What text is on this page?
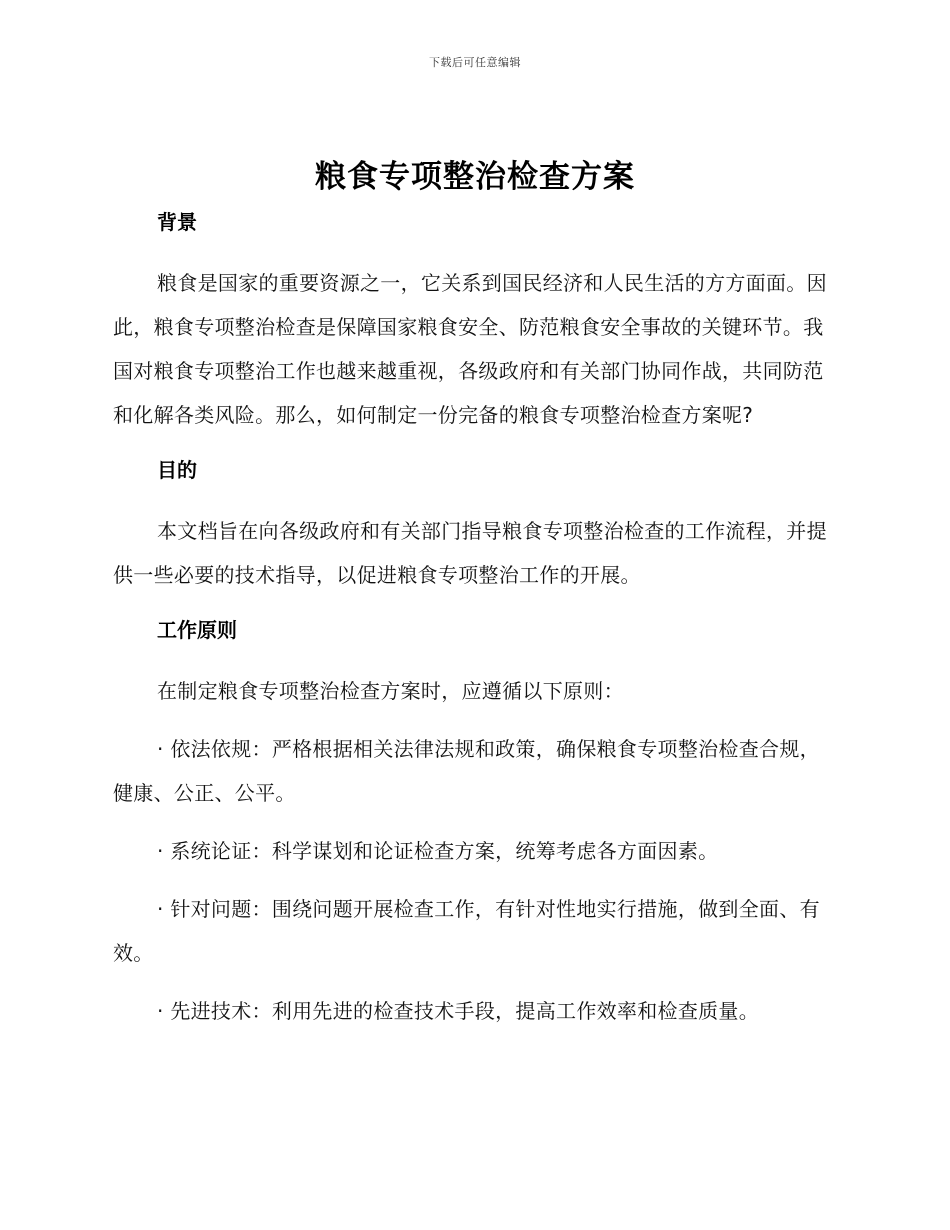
下载后可任意编辑
粮食专项整治检查方案
背景

粮食是国家的重要资源之一，它关系到国民经济和人民生活的方方面面。因此，粮食专项整治检查是保障国家粮食安全、防范粮食安全事故的关键环节。我国对粮食专项整治工作也越来越重视，各级政府和有关部门协同作战，共同防范和化解各类风险。那么，如何制定一份完备的粮食专项整治检查方案呢?

目的

本文档旨在向各级政府和有关部门指导粮食专项整治检查的工作流程，并提供一些必要的技术指导，以促进粮食专项整治工作的开展。

工作原则

在制定粮食专项整治检查方案时，应遵循以下原则：

· 依法依规：严格根据相关法律法规和政策，确保粮食专项整治检查合规，健康、公正、公平。

· 系统论证：科学谋划和论证检查方案，统筹考虑各方面因素。

· 针对问题：围绕问题开展检查工作，有针对性地实行措施，做到全面、有效。

· 先进技术：利用先进的检查技术手段，提高工作效率和检查质量。
